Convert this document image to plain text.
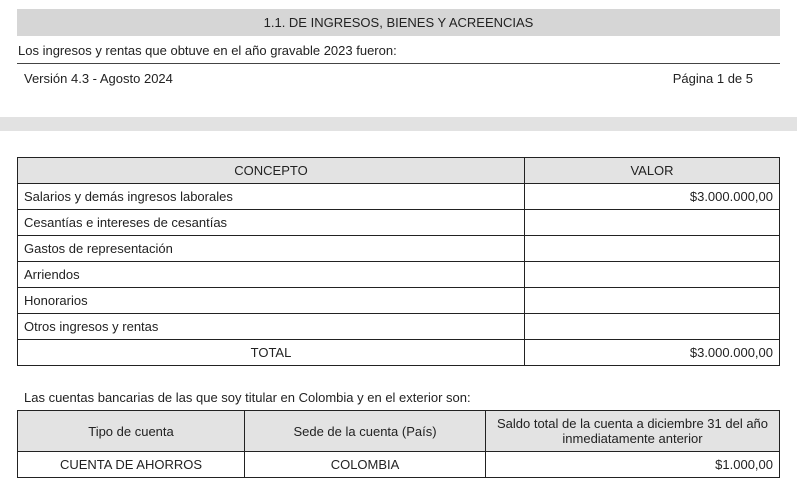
1.1. DE INGRESOS, BIENES Y ACREENCIAS
Los ingresos y rentas que obtuve en el año gravable 2023 fueron:
Versión 4.3 - Agosto 2024	Página 1 de 5
CONCEPTO	VALOR
Salarios y demás ingresos laborales	$3.000.000,00
Cesantías e intereses de cesantías	
Gastos de representación	
Arriendos	
Honorarios	
Otros ingresos y rentas	
TOTAL	$3.000.000,00
Las cuentas bancarias de las que soy titular en Colombia y en el exterior son:
Tipo de cuenta	Sede de la cuenta (País)	Saldo total de la cuenta a diciembre 31 del año inmediatamente anterior
CUENTA DE AHORROS	COLOMBIA	$1.000,00
